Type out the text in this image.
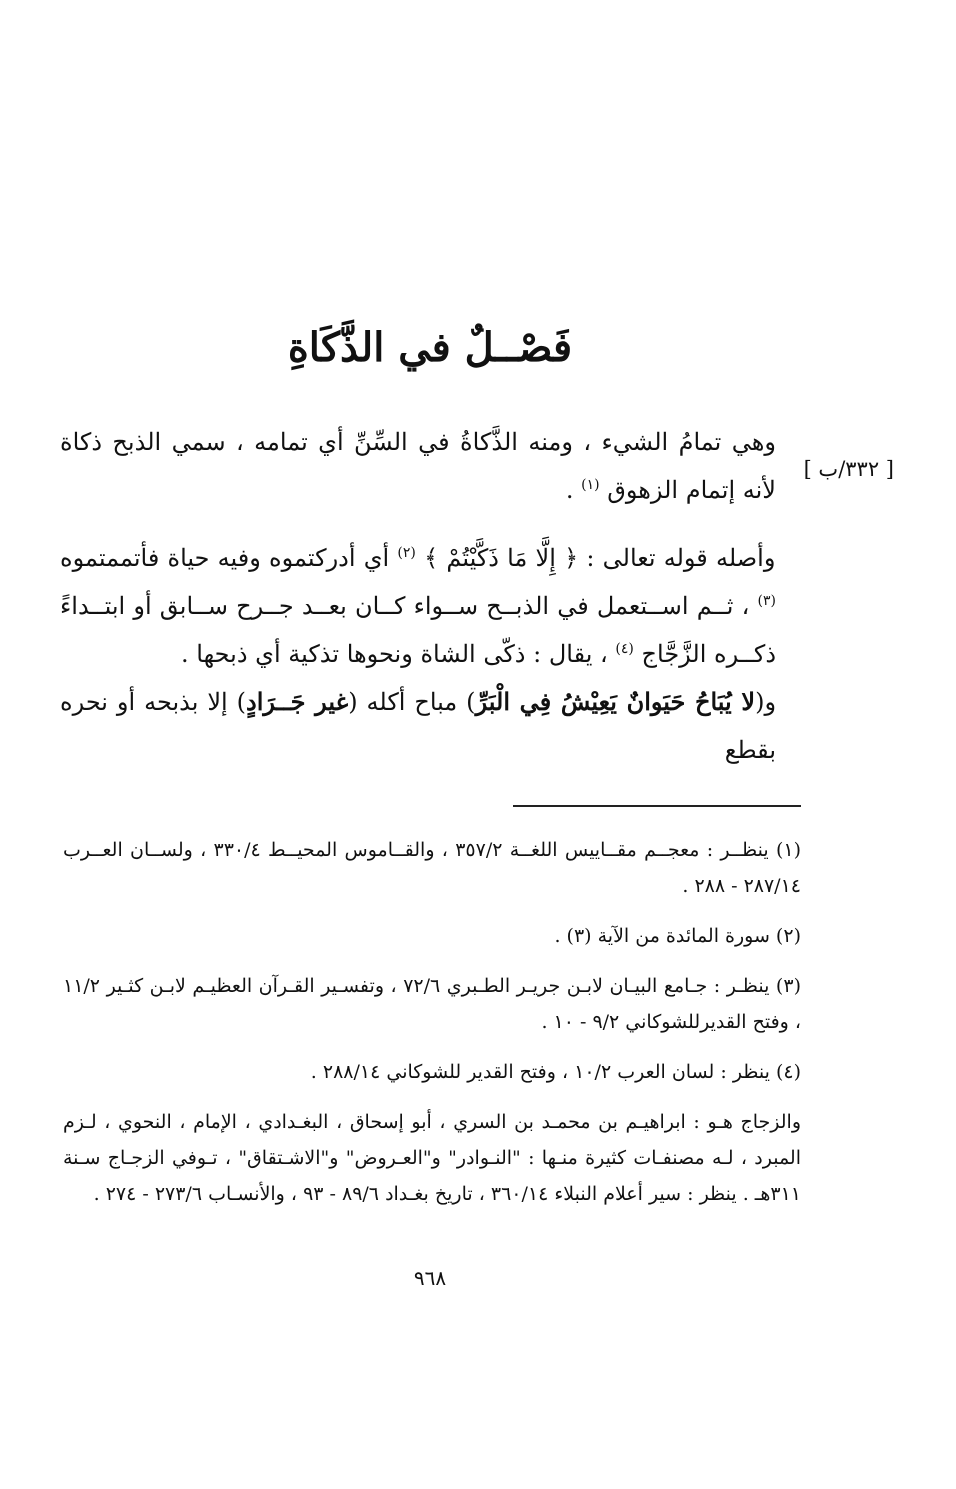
فَصْــلٌ في الذَّكَاةِ
[ ٣٣٢/ب ]

وهي تمامُ الشيء ، ومنه الذَّكاةُ في السِّنِّ أي تمامه ، سمي الذبح ذكاة لأنه إتمام الزهوق $^{(١)}$ .

وأصله قوله تعالى : ﴿ إِلَّا مَا ذَكَّيْتُمْ ﴾ $^{(٢)}$ أي أدركتموه وفيه حياة فأتممتموه $^{(٣)}$ ، ثــم اســتعمل في الذبــح ســواء كــان بعــد جــرح ســابق أو ابتــداءً ذكــره الزَّجَّاج $^{(٤)}$ ، يقال : ذكّى الشاة ونحوها تذكية أي ذبحها .

و(لا يُبَاحُ حَيَوانٌ يَعِيْشُ فِي الْبَرِّ) مباح أكله (غير جَــرَادٍ) إلا بذبحه أو نحره بقطع

(١) ينظــر : معجــم مقــاييس اللغــة ٣٥٧/٢ ، والقــاموس المحيــط ٣٣٠/٤ ، ولســان العــرب ٢٨٧/١٤ - ٢٨٨ .

(٢) سورة المائدة من الآية (٣) .

(٣) ينظـر : جـامع البيـان لابـن جريـر الطـبري ٧٢/٦ ، وتفسـير القـرآن العظيـم لابـن كثـير ١١/٢ ، وفتح القديرللشوكاني ٩/٢ - ١٠ .

(٤) ينظر : لسان العرب ١٠/٢ ، وفتح القدير للشوكاني ٢٨٨/١٤ .

والزجاج هـو : ابراهيـم بن محمـد بن السري ، أبو إسحاق ، البغـدادي ، الإمام ، النحوي ، لـزم المبرد ، لـه مصنفـات كثيرة منـها : "النـوادر" و"العـروض" و"الاشـتقاق" ، تـوفي الزجـاج سـنة ٣١١هـ . ينظر : سير أعلام النبلاء ٣٦٠/١٤ ، تاريخ بغـداد ٨٩/٦ - ٩٣ ، والأنسـاب ٢٧٣/٦ - ٢٧٤ .

٩٦٨
